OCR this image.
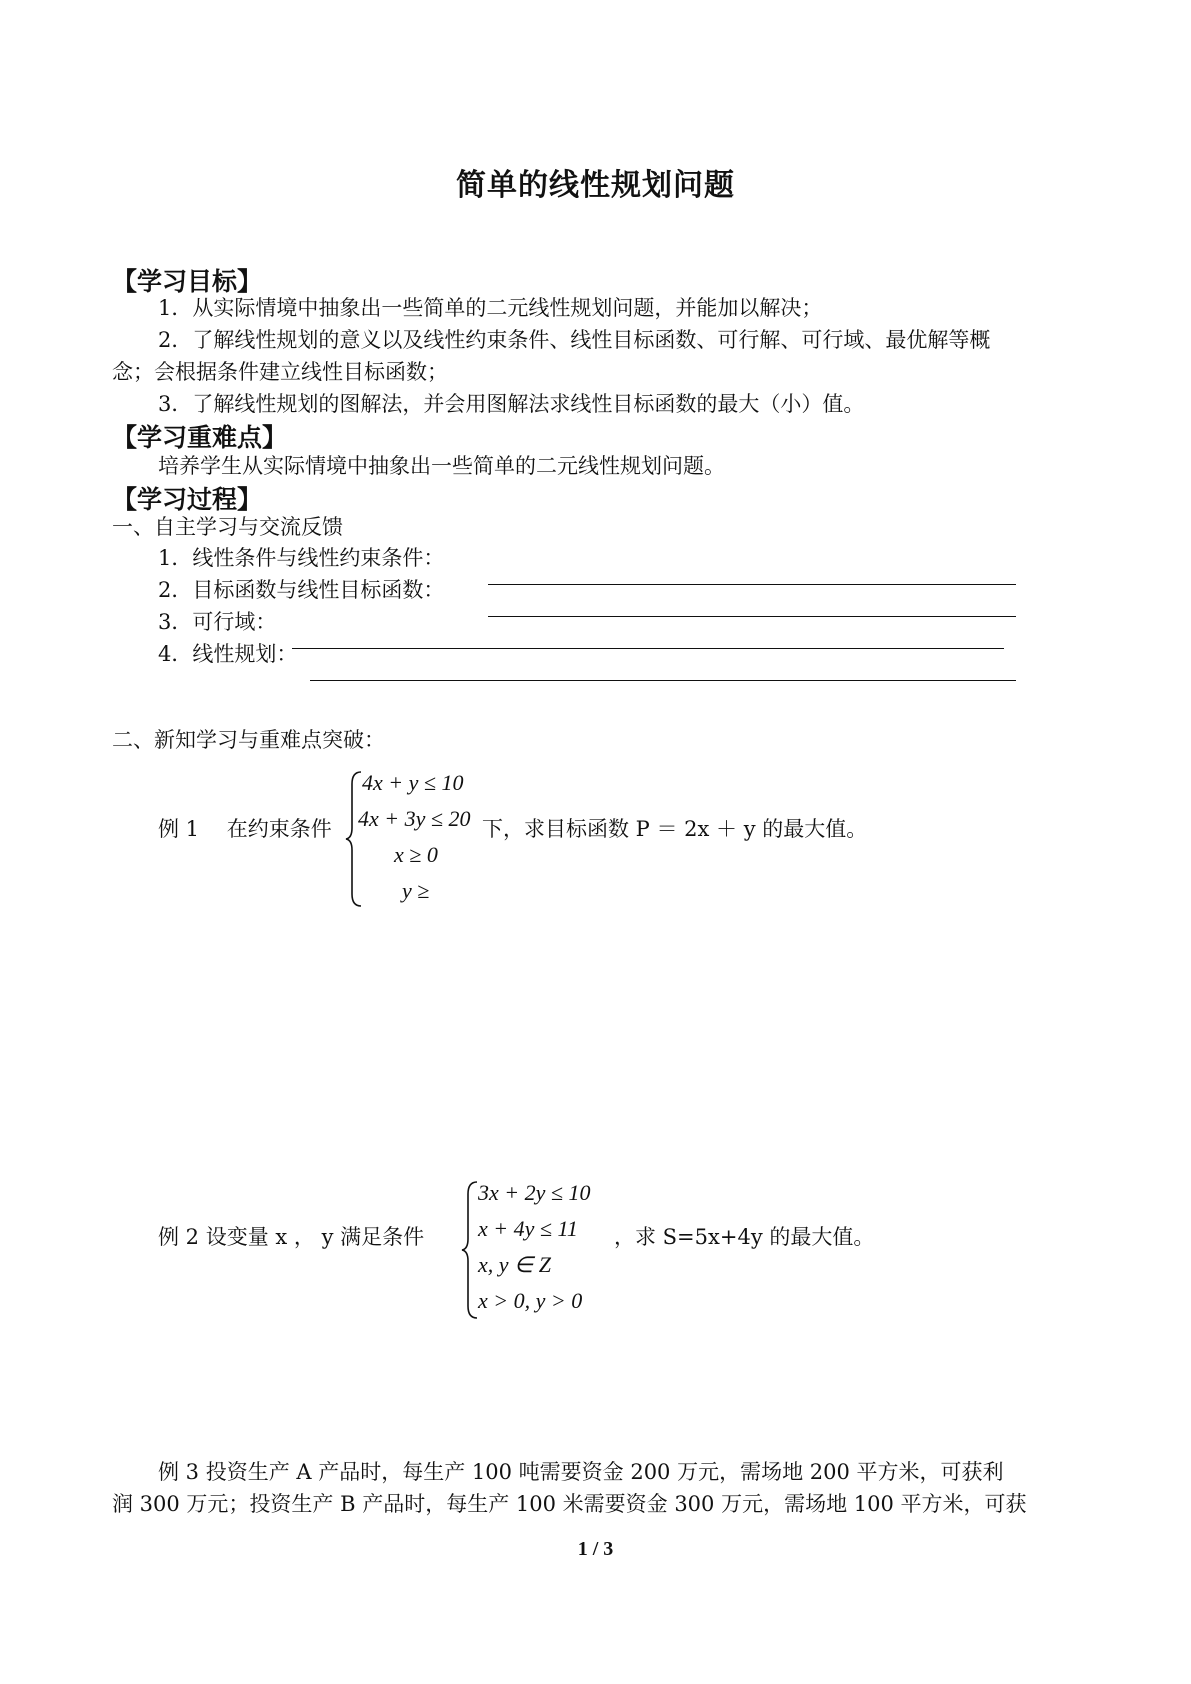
简单的线性规划问题
【学习目标】
1．从实际情境中抽象出一些简单的二元线性规划问题，并能加以解决；
2．了解线性规划的意义以及线性约束条件、线性目标函数、可行解、可行域、最优解等概
念；会根据条件建立线性目标函数；
3．了解线性规划的图解法，并会用图解法求线性目标函数的最大（小）值。
【学习重难点】
培养学生从实际情境中抽象出一些简单的二元线性规划问题。
【学习过程】
一、自主学习与交流反馈
1．线性条件与线性约束条件：
2．目标函数与线性目标函数：
3．可行域：
4．线性规划：
二、新知学习与重难点突破：
例 1　 在约束条件
4x + y ≤ 10
4x + 3y ≤ 20
x ≥ 0
y ≥
下，求目标函数 P ＝ 2x ＋ y 的最大值。
例 2 设变量 x ， y 满足条件
3x + 2y ≤ 10
x + 4y ≤ 11
x, y ∈ Z
x > 0, y > 0
，求 S=5x+4y 的最大值。
例 3 投资生产 A 产品时，每生产 100 吨需要资金 200 万元，需场地 200 平方米，可获利
润 300 万元；投资生产 B 产品时，每生产 100 米需要资金 300 万元，需场地 100 平方米，可获
1 / 3
